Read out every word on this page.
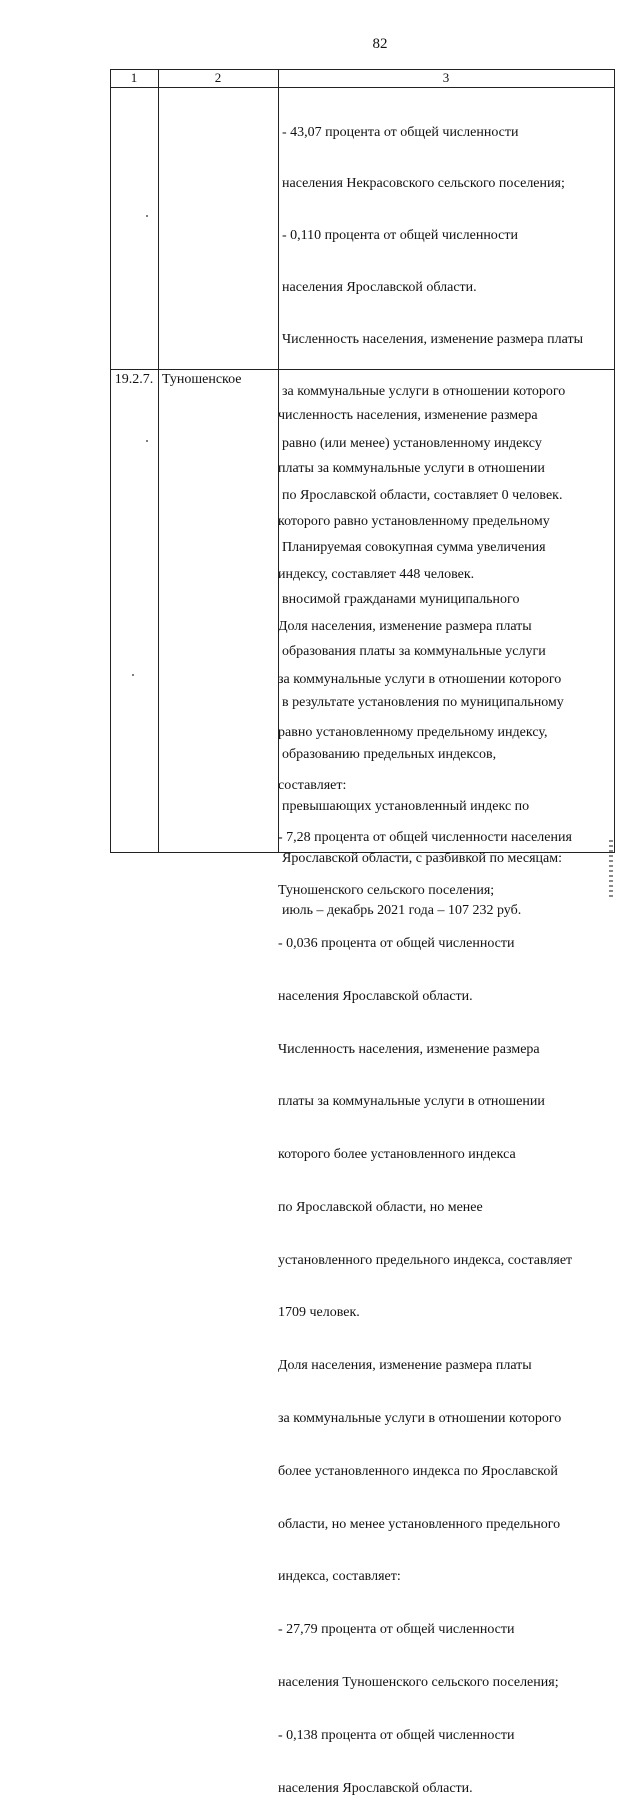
82
1	2	3

- 43,07 процента от общей численности

населения Некрасовского сельского поселения;

- 0,110 процента от общей численности

населения Ярославской области.

Численность населения, изменение размера платы

за коммунальные услуги в отношении которого

равно (или менее) установленному индексу

по Ярославской области, составляет 0 человек.

Планируемая совокупная сумма увеличения

вносимой гражданами муниципального

образования платы за коммунальные услуги

в результате установления по муниципальному

образованию предельных индексов,

превышающих установленный индекс по

Ярославской области, с разбивкой по месяцам:

июль – декабрь 2021 года – 107 232 руб.

19.2.7. Туношенское

численность населения, изменение размера

платы за коммунальные услуги в отношении

которого равно установленному предельному

индексу, составляет 448 человек.

Доля населения, изменение размера платы

за коммунальные услуги в отношении которого

равно установленному предельному индексу,

составляет:

- 7,28 процента от общей численности населения

Туношенского сельского поселения;

- 0,036 процента от общей численности

населения Ярославской области.

Численность населения, изменение размера

платы за коммунальные услуги в отношении

которого более установленного индекса

по Ярославской области, но менее

установленного предельного индекса, составляет

1709 человек.

Доля населения, изменение размера платы

за коммунальные услуги в отношении которого

более установленного индекса по Ярославской

области, но менее установленного предельного

индекса, составляет:

- 27,79 процента от общей численности

населения Туношенского сельского поселения;

- 0,138 процента от общей численности

населения Ярославской области.
